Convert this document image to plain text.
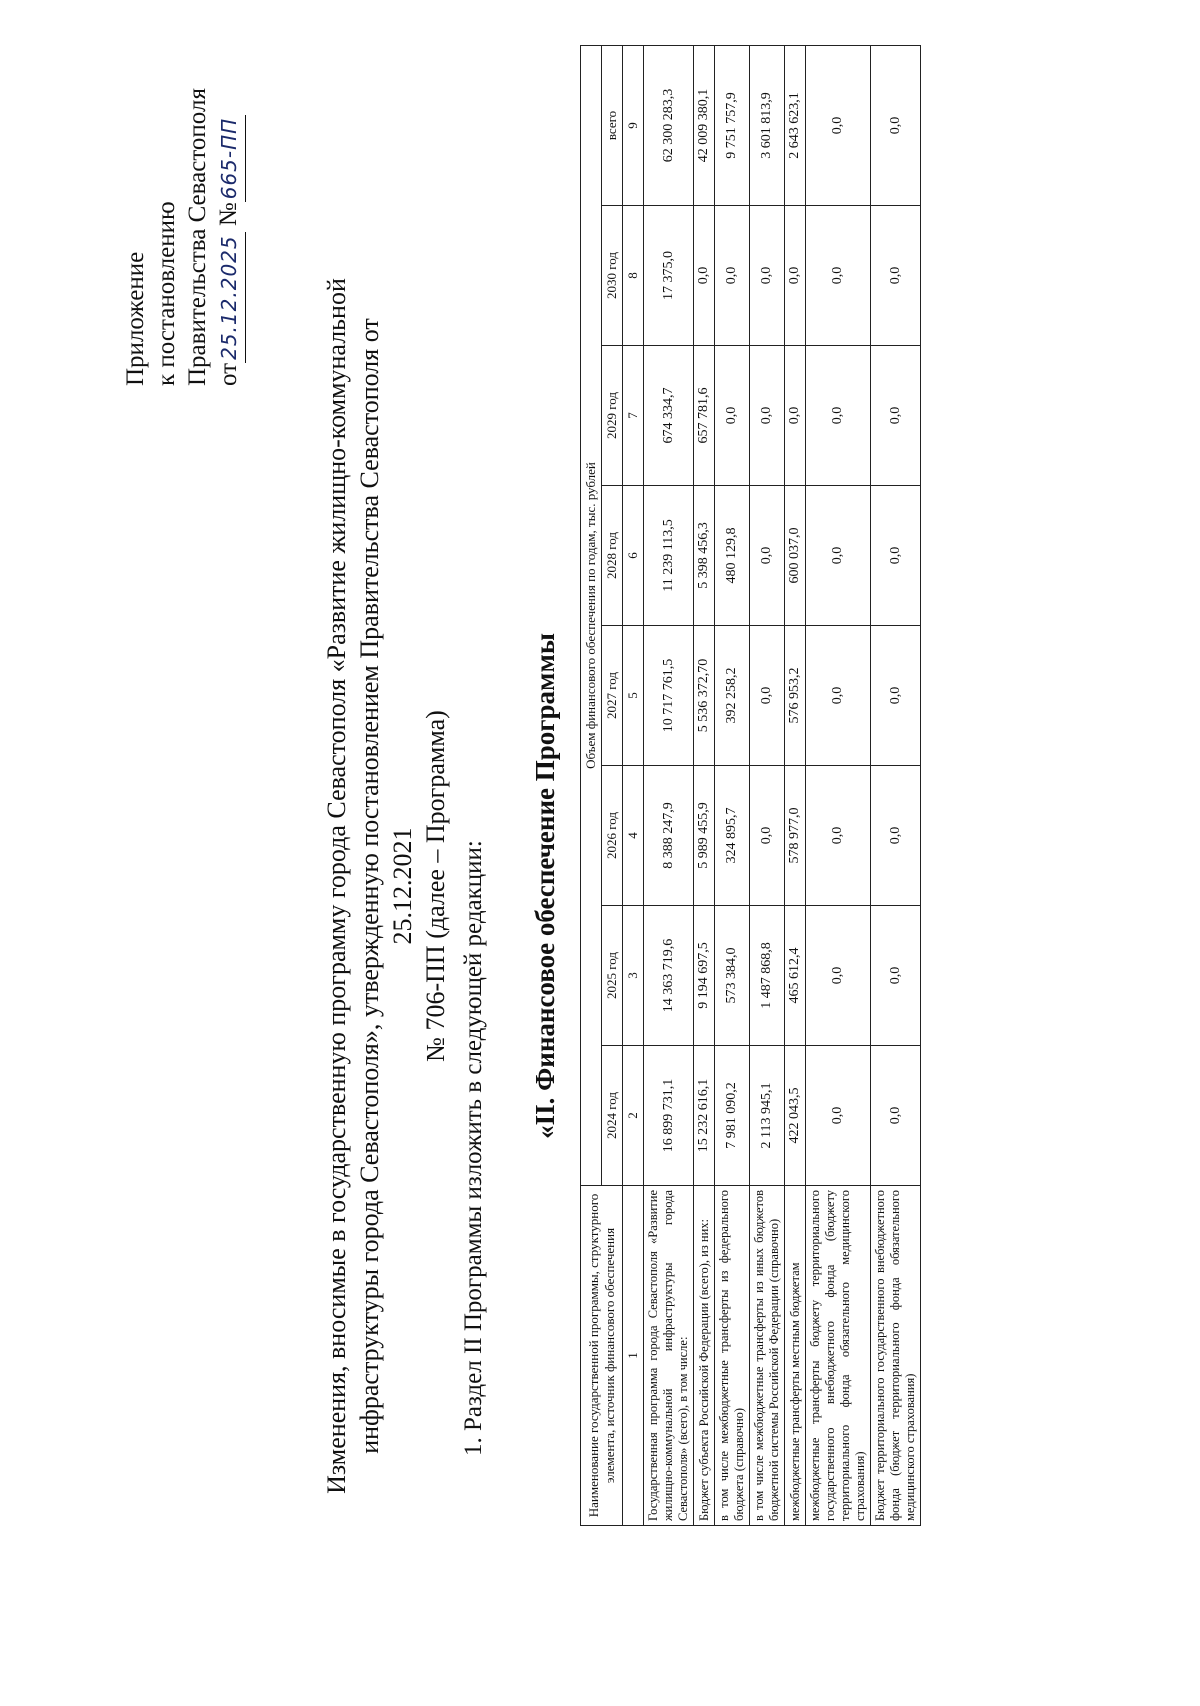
Приложение к постановлению Правительства Севастополя от25.12.2025 №665-ПП
Изменения, вносимые в государственную программу города Севастополя «Развитие жилищно-коммунальной инфраструктуры города Севастополя», утвержденную постановлением Правительства Севастополя от 25.12.2021 № 706-ПП (далее – Программа) 1. Раздел II Программы изложить в следующей редакции: «II. Финансовое обеспечение Программы
Наименование государственной программы, структурного элемента, источник финансового обеспечения	Объем финансового обеспечения по годам, тыс. рублей							
	2024 год	2025 год	2026 год	2027 год	2028 год	2029 год	2030 год	всего
1	2	3	4	5	6	7	8	9
Государственная программа города Севастополя «Развитие жилищно-коммунальной инфраструктуры города Севастополя» (всего), в том числе:	16 899 731,1	14 363 719,6	8 388 247,9	10 717 761,5	11 239 113,5	674 334,7	17 375,0	62 300 283,3
Бюджет субъекта Российской Федерации (всего), из них:	15 232 616,1	9 194 697,5	5 989 455,9	5 536 372,70	5 398 456,3	657 781,6	0,0	42 009 380,1
в том числе межбюджетные трансферты из федерального бюджета (справочно)	7 981 090,2	573 384,0	324 895,7	392 258,2	480 129,8	0,0	0,0	9 751 757,9
в том числе межбюджетные трансферты из иных бюджетов бюджетной системы Российской Федерации (справочно)	2 113 945,1	1 487 868,8	0,0	0,0	0,0	0,0	0,0	3 601 813,9
межбюджетные трансферты местным бюджетам	422 043,5	465 612,4	578 977,0	576 953,2	600 037,0	0,0	0,0	2 643 623,1
межбюджетные трансферты бюджету территориального государственного внебюджетного фонда (бюджету территориального фонда обязательного медицинского страхования)	0,0	0,0	0,0	0,0	0,0	0,0	0,0	0,0
Бюджет территориального государственного внебюджетного фонда (бюджет территориального фонда обязательного медицинского страхования)	0,0	0,0	0,0	0,0	0,0	0,0	0,0	0,0
